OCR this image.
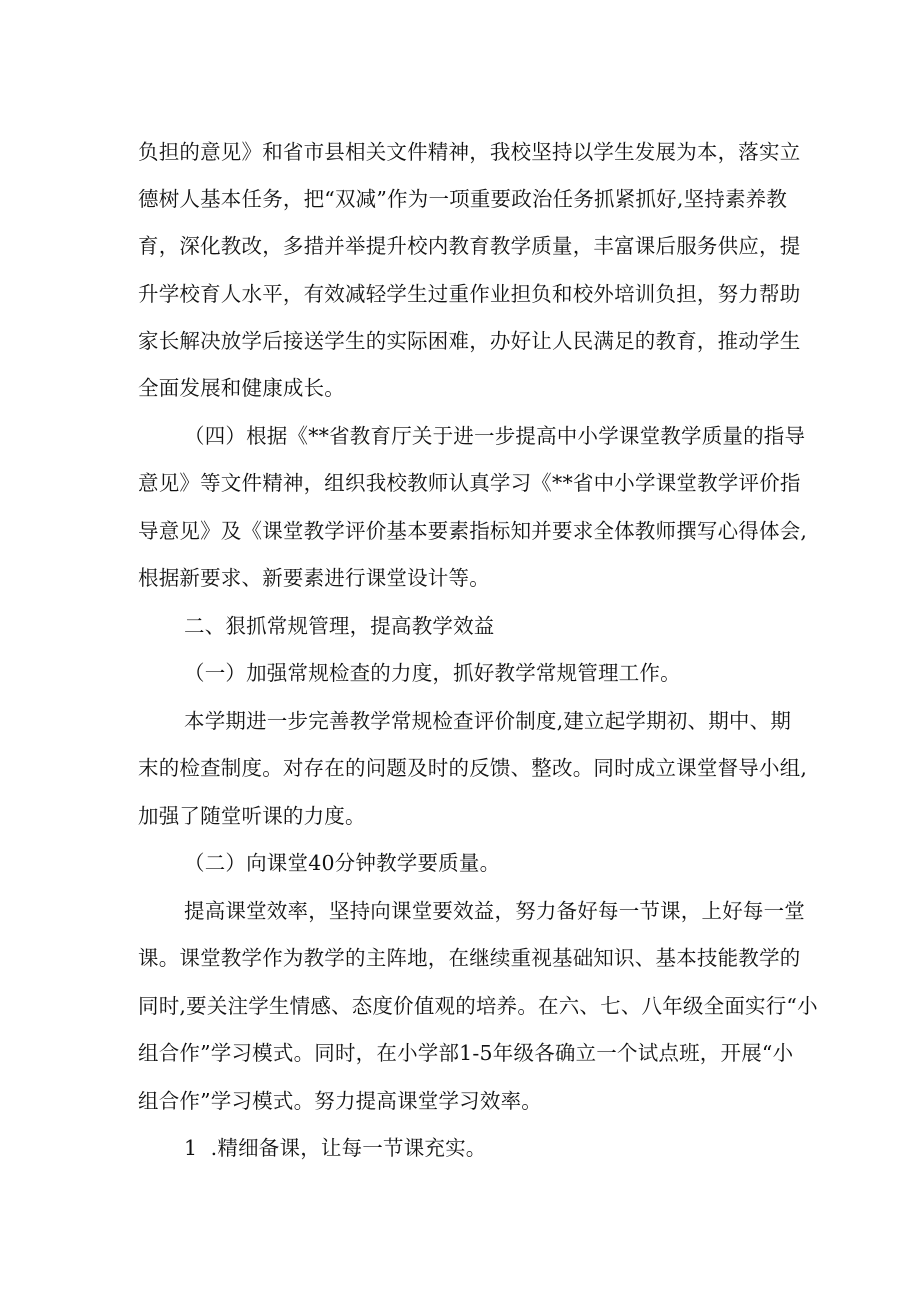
负担的意见》和省市县相关文件精神，我校坚持以学生发展为本，落实立
德树人基本任务，把“双减”作为一项重要政治任务抓紧抓好,坚持素养教
育，深化教改，多措并举提升校内教育教学质量，丰富课后服务供应，提
升学校育人水平，有效减轻学生过重作业担负和校外培训负担，努力帮助
家长解决放学后接送学生的实际困难，办好让人民满足的教育，推动学生
全面发展和健康成长。
（四）根据《**省教育厅关于进一步提高中小学课堂教学质量的指导
意见》等文件精神，组织我校教师认真学习《**省中小学课堂教学评价指
导意见》及《课堂教学评价基本要素指标知并要求全体教师撰写心得体会,
根据新要求、新要素进行课堂设计等。
二、狠抓常规管理，提高教学效益
（一）加强常规检查的力度，抓好教学常规管理工作。
本学期进一步完善教学常规检查评价制度,建立起学期初、期中、期
末的检查制度。对存在的问题及时的反馈、整改。同时成立课堂督导小组,
加强了随堂听课的力度。
（二）向课堂40分钟教学要质量。
提高课堂效率，坚持向课堂要效益，努力备好每一节课，上好每一堂
课。课堂教学作为教学的主阵地，在继续重视基础知识、基本技能教学的
同时,要关注学生情感、态度价值观的培养。在六、七、八年级全面实行“小
组合作”学习模式。同时，在小学部1-5年级各确立一个试点班，开展“小
组合作”学习模式。努力提高课堂学习效率。
1  .精细备课，让每一节课充实。
